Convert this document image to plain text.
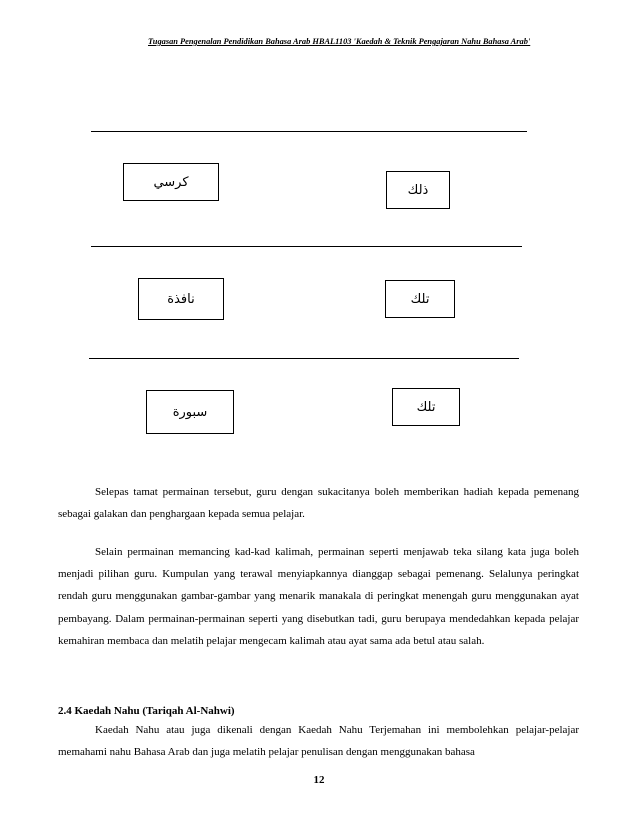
Tugasan Pengenalan Pendidikan Bahasa Arab HBAL1103 'Kaedah & Teknik Pengajaran Nahu Bahasa Arab'
كرسي
ذلك
نافذة	تلك
سبورة	تلك

Selepas tamat permainan tersebut, guru dengan sukacitanya boleh memberikan hadiah kepada pemenang sebagai galakan dan penghargaan kepada semua pelajar.

Selain permainan memancing kad-kad kalimah, permainan seperti menjawab teka silang kata juga boleh menjadi pilihan guru. Kumpulan yang terawal menyiapkannya dianggap sebagai pemenang. Selalunya peringkat rendah guru menggunakan gambar-gambar yang menarik manakala di peringkat menengah guru menggunakan ayat pembayang. Dalam permainan-permainan seperti yang disebutkan tadi, guru berupaya mendedahkan kepada pelajar kemahiran membaca dan melatih pelajar mengecam kalimah atau ayat sama ada betul atau salah.

2.4 Kaedah Nahu (Tariqah Al-Nahwi)

Kaedah Nahu atau juga dikenali dengan Kaedah Nahu Terjemahan ini membolehkan pelajar-pelajar memahami nahu Bahasa Arab dan juga melatih pelajar penulisan dengan menggunakan bahasa

12
